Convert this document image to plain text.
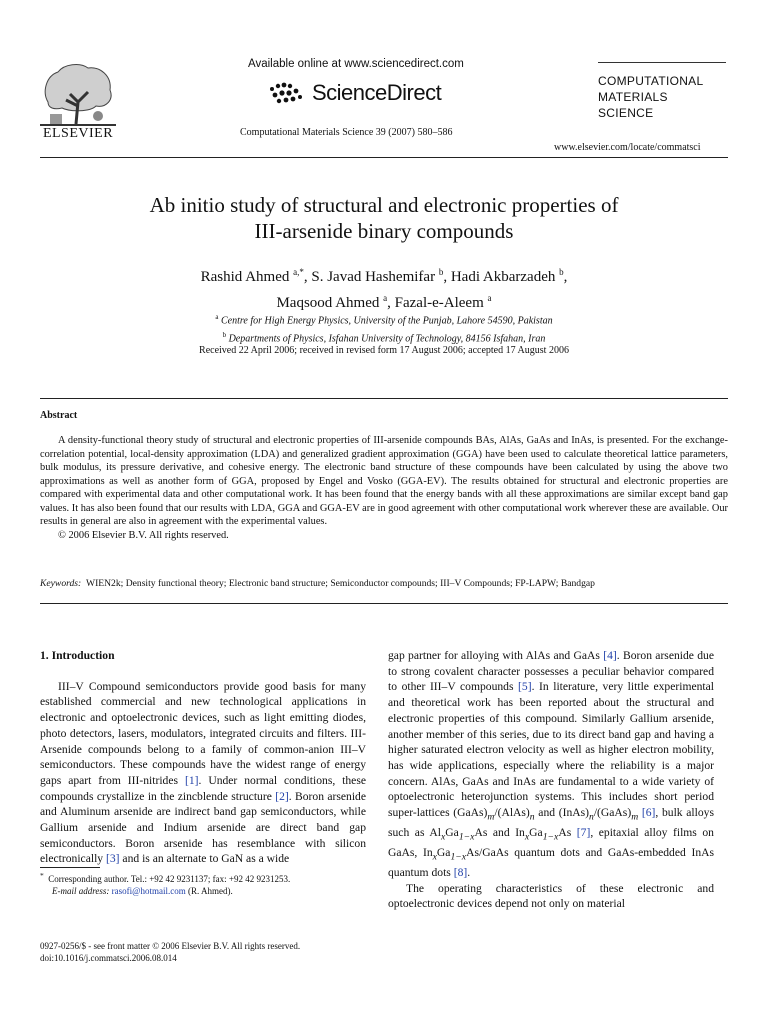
ELSEVIER
Available online at www.sciencedirect.com
ScienceDirect
Computational Materials Science 39 (2007) 580–586
COMPUTATIONAL
MATERIALS
SCIENCE
www.elsevier.com/locate/commatsci
Ab initio study of structural and electronic properties of
III-arsenide binary compounds
Rashid Ahmed $^{a,*}$, S. Javad Hashemifar $^b$, Hadi Akbarzadeh $^b$,
Maqsood Ahmed $^a$, Fazal-e-Aleem $^a$
$^a$ Centre for High Energy Physics, University of the Punjab, Lahore 54590, Pakistan
$^b$ Departments of Physics, Isfahan University of Technology, 84156 Isfahan, Iran
Received 22 April 2006; received in revised form 17 August 2006; accepted 17 August 2006
Abstract

A density-functional theory study of structural and electronic properties of III-arsenide compounds BAs, AlAs, GaAs and InAs, is presented. For the exchange-correlation potential, local-density approximation (LDA) and generalized gradient approximation (GGA) have been used to calculate theoretical lattice parameters, bulk modulus, its pressure derivative, and cohesive energy. The electronic band structure of these compounds have been calculated by using the above two approximations as well as another form of GGA, proposed by Engel and Vosko (GGA-EV). The results obtained for structural and electronic properties are compared with experimental data and other computational work. It has been found that the energy bands with all these approximations are similar except band gap values. It has also been found that our results with LDA, GGA and GGA-EV are in good agreement with other computational work wherever these are available. Our results in general are also in agreement with the experimental values.

© 2006 Elsevier B.V. All rights reserved.

Keywords: WIEN2k; Density functional theory; Electronic band structure; Semiconductor compounds; III–V Compounds; FP-LAPW; Bandgap

1. Introduction

III–V Compound semiconductors provide good basis for many established commercial and new technological applications in electronic and optoelectronic devices, such as light emitting diodes, photo detectors, lasers, modulators, integrated circuits and filters. III-Arsenide compounds belong to a family of common-anion III–V semiconductors. These compounds have the widest range of energy gaps apart from III-nitrides [1]. Under normal conditions, these compounds crystallize in the zincblende structure [2]. Boron arsenide and Aluminum arsenide are indirect band gap semiconductors, while Gallium arsenide and Indium arsenide are direct band gap semiconductors. Boron arsenide has resemblance with silicon electronically [3] and is an alternate to GaN as a wide

* Corresponding author. Tel.: +92 42 9231137; fax: +92 42 9231253.
E-mail address: rasofi@hotmail.com (R. Ahmed).
0927-0256/$ - see front matter © 2006 Elsevier B.V. All rights reserved.
doi:10.1016/j.commatsci.2006.08.014

gap partner for alloying with AlAs and GaAs [4]. Boron arsenide due to strong covalent character possesses a peculiar behavior compared to other III–V compounds [5]. In literature, very little experimental and theoretical work has been reported about the structural and electronic properties of this compound. Similarly Gallium arsenide, another member of this series, due to its direct band gap and having a higher saturated electron velocity as well as higher electron mobility, has wide applications, especially where the reliability is a major concern. AlAs, GaAs and InAs are fundamental to a wide variety of optoelectronic heterojunction systems. This includes short period super-lattices $(GaAs)_m/(AlAs)_n$ and $(InAs)_n/(GaAs)_m$ [6], bulk alloys such as $Al_xGa_{1-x}As$ and $In_xGa_{1-x}As$ [7], epitaxial alloy films on GaAs, $In_xGa_{1-x}As$/GaAs quantum dots and GaAs-embedded InAs quantum dots [8].

The operating characteristics of these electronic and optoelectronic devices depend not only on material
